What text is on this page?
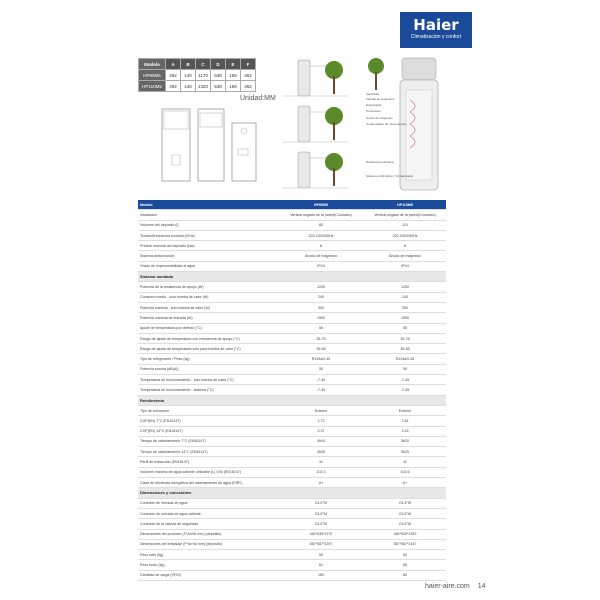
Haier
Climatización y confort
Modelo	A	B	C	D	E	F
HP80M5	492	140	1170	538	159	362
HP110M5	492	140	1320	538	159	362
Unidad:MM
Ventilador
Válvula de expansión
Evaporador
Compresor
Ánodo de magnesio
Condensador de microcanales
Resistencia eléctrica
Sistema multi-hélice / Condensador
Modelo	HP80M5	HP110M5
Instalación	Vertical,ongado de la pared(Conducto)	Vertical,ongado de la pared(Conducto)
Volumen del depósito (l)	80	110
Tensión/frecuencia nominal (V/Hz)	220-240V/50Hz	220-240V/50Hz
Presión nominal del depósito (bar)	8	8
Sistema anticorrosión	Ánodo de magnesio	Ánodo de magnesio
Grado de impermeabilidad al agua	IPX4	IPX4
Sistema montado
Potencia de la resistencia de apoyo (W)	1200	1200
Consumo medio - solo bomba de calor (W)	240	240
Potencia máxima - solo bomba de calor (W)	350	350
Potencia máxima de entrada (W)	1550	1550
Ajuste de temperatura por defecto (°C)	55	55
Rango de ajuste de temperatura con resistencia de apoyo (°C)	35-75	35-75
Rango de ajuste de temperatura solo para bomba de calor (°C)	35-65	35-65
Tipo de refrigerante / Peso (kg)	R134a/0.45	R134a/0.45
Potencia sonora (dB(A))	50	50
Temperatura de funcionamiento - solo bomba de calor (°C)	-7-45	-7-45
Temperatura de funcionamiento - sistema (°C)	-7-45	-7-45
Rendimiento
Tipo de extracción	Exterior	Exterior
COP(EN) 7°C (EN16147)	2.72	2.64
COP(EN) 14°C (EN16147)	3.37	3.15
Tiempo de calentamiento 7°C (EN16147)	4h04	5h20
Tiempo de calentamiento 14°C (EN16147)	4h05	5h25
Perfil de extracción (EN16147)	M	M
Volumen máximo de agua caliente utilizable (L) V40 (EN16147)	102.3	102.6
Clase de eficiencia energética del calentamiento de agua (ERP)	A+	A+
Dimensiones y conexiones
Conexión de entrada de agua	G1/2"M	G1/2"M
Conexión de entrada de agua caliente	G1/2"M	G1/2"M
Conexión de la válvula de seguridad	G1/2"M	G1/2"M
Dimensiones del producto (F*An*Al mm) (depósito)	482*539*1170	482*539*1320
Dimensiones del embalaje (F*An*Al mm) (depósito)	587*587*1297	587*587*1447
Peso neto (kg)	59	64
Peso bruto (kg)	61	66
Cantidad de carga (ORG)	160	80
haier-aire.com 14
